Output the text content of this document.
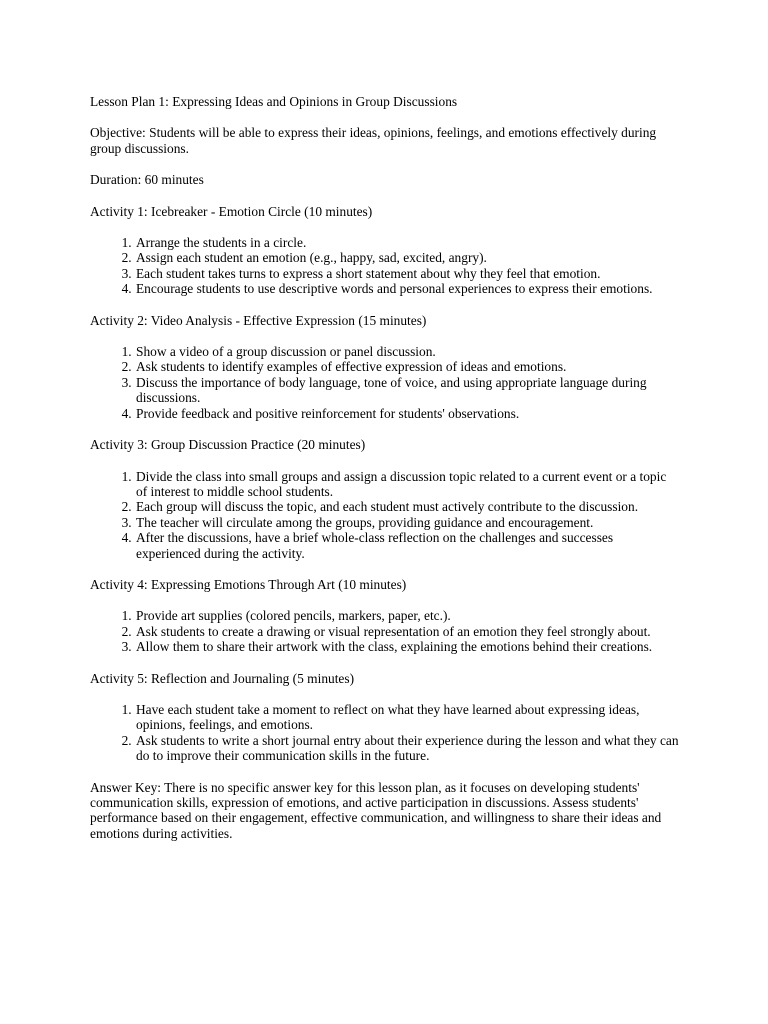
Lesson Plan 1: Expressing Ideas and Opinions in Group Discussions

Objective: Students will be able to express their ideas, opinions, feelings, and emotions effectively during group discussions.

Duration: 60 minutes

Activity 1: Icebreaker - Emotion Circle (10 minutes)

1. Arrange the students in a circle.
2. Assign each student an emotion (e.g., happy, sad, excited, angry).
3. Each student takes turns to express a short statement about why they feel that emotion.
4. Encourage students to use descriptive words and personal experiences to express their emotions.

Activity 2: Video Analysis - Effective Expression (15 minutes)

1. Show a video of a group discussion or panel discussion.
2. Ask students to identify examples of effective expression of ideas and emotions.
3. Discuss the importance of body language, tone of voice, and using appropriate language during discussions.
4. Provide feedback and positive reinforcement for students' observations.

Activity 3: Group Discussion Practice (20 minutes)

1. Divide the class into small groups and assign a discussion topic related to a current event or a topic of interest to middle school students.
2. Each group will discuss the topic, and each student must actively contribute to the discussion.
3. The teacher will circulate among the groups, providing guidance and encouragement.
4. After the discussions, have a brief whole-class reflection on the challenges and successes experienced during the activity.

Activity 4: Expressing Emotions Through Art (10 minutes)

1. Provide art supplies (colored pencils, markers, paper, etc.).
2. Ask students to create a drawing or visual representation of an emotion they feel strongly about.
3. Allow them to share their artwork with the class, explaining the emotions behind their creations.

Activity 5: Reflection and Journaling (5 minutes)

1. Have each student take a moment to reflect on what they have learned about expressing ideas, opinions, feelings, and emotions.
2. Ask students to write a short journal entry about their experience during the lesson and what they can do to improve their communication skills in the future.

Answer Key: There is no specific answer key for this lesson plan, as it focuses on developing students' communication skills, expression of emotions, and active participation in discussions. Assess students' performance based on their engagement, effective communication, and willingness to share their ideas and emotions during activities.
